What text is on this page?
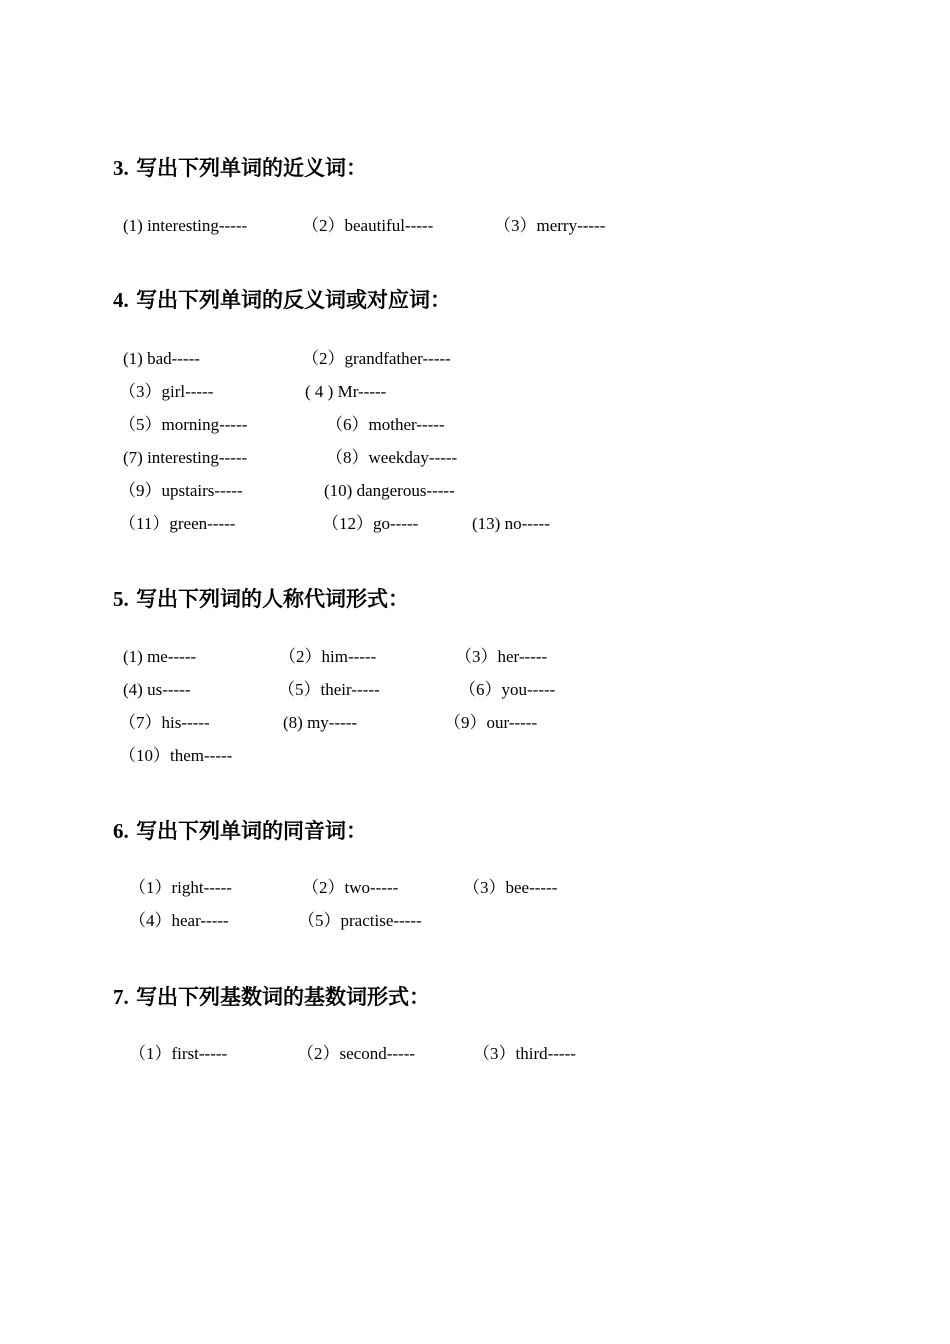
3. 写出下列单词的近义词：
(1) interesting-----	（2）beautiful-----	（3）merry-----
4. 写出下列单词的反义词或对应词：
(1) bad-----	（2）grandfather-----
（3）girl-----	( 4 ) Mr-----
（5）morning-----	（6）mother-----
(7) interesting-----	（8）weekday-----
（9）upstairs-----	(10) dangerous-----
（11）green-----	（12）go-----	(13) no-----
5. 写出下列词的人称代词形式：
(1) me-----	（2）him-----	（3）her-----
(4) us-----	（5）their-----	（6）you-----
（7）his-----	(8) my-----	（9）our-----
（10）them-----
6. 写出下列单词的同音词：
（1）right-----	（2）two-----	（3）bee-----
（4）hear-----	（5）practise-----
7. 写出下列基数词的基数词形式：
（1）first-----	（2）second-----	（3）third-----
